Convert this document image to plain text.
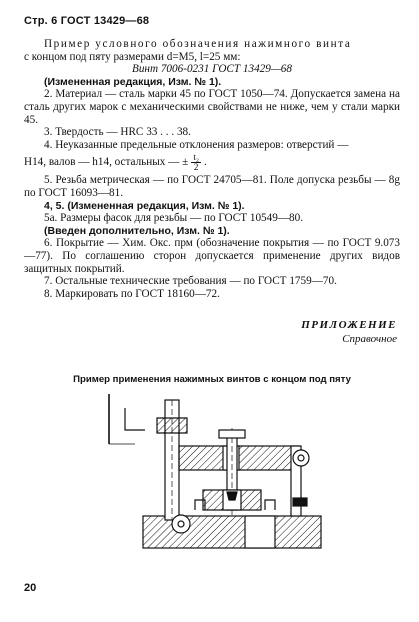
Стр. 6 ГОСТ 13429—68

Пример условного обозначения нажимного винта

с концом под пяту размерами d=M5, l=25 мм:

Винт 7006-0231 ГОСТ 13429—68

(Измененная редакция, Изм. № 1).

2. Материал — сталь марки 45 по ГОСТ 1050—74. Допускается замена на сталь других марок с механическими свойствами не ниже, чем у стали марки 45.

3. Твердость — HRC 33 . . . 38.

4. Неуказанные предельные отклонения размеров: отверстий —

H14, валов — h14, остальных — ± $\frac{\text{t₂}}{2}$ .

5. Резьба метрическая — по ГОСТ 24705—81. Поле допуска резьбы — 8g по ГОСТ 16093—81.

4, 5. (Измененная редакция, Изм. № 1).

5а. Размеры фасок для резьбы — по ГОСТ 10549—80.

(Введен дополнительно, Изм. № 1).

6. Покрытие — Хим. Окс. прм (обозначение покрытия — по ГОСТ 9.073—77). По соглашению сторон допускается применение других видов защитных покрытий.

7. Остальные технические требования — по ГОСТ 1759—70.

8. Маркировать по ГОСТ 18160—72.

ПРИЛОЖЕНИЕ
Справочное
Пример применения нажимных винтов с концом под пяту
20
